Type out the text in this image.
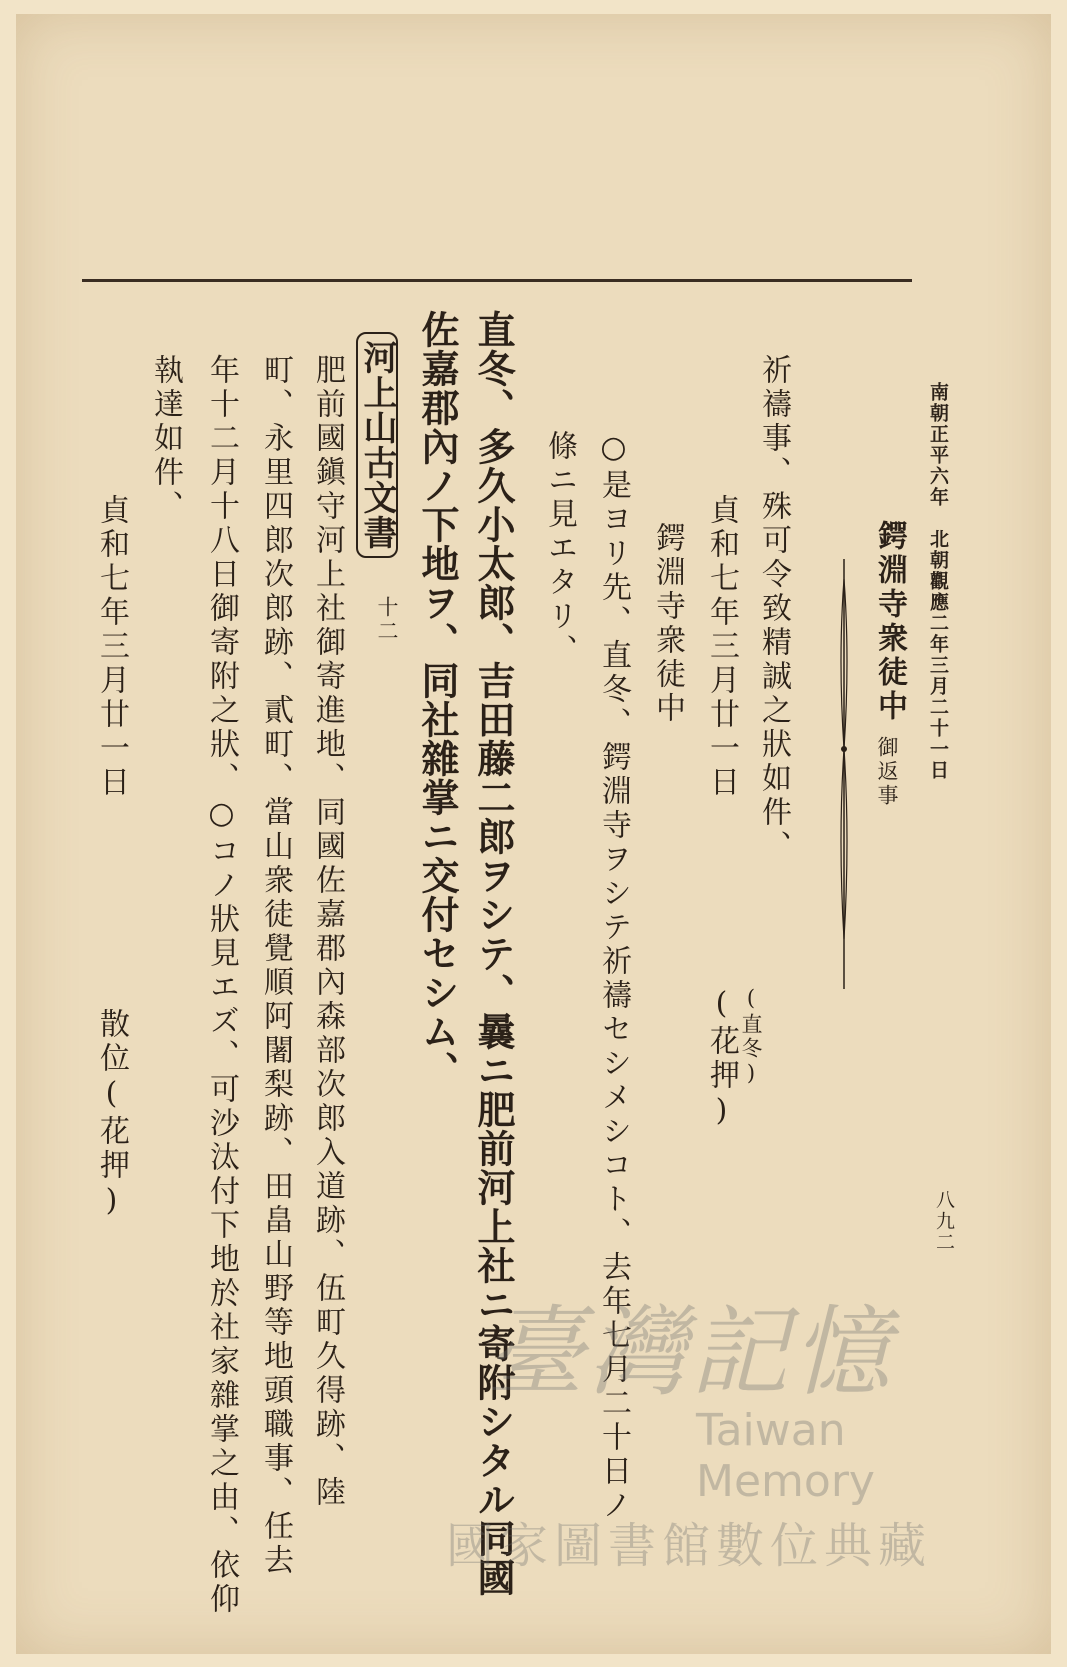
南朝正平六年　北朝觀應二年三月二十一日
八九二
鍔淵寺衆徒中
御返事
祈禱事、殊可令致精誠之狀如件、
貞和七年三月廿一日
(直冬)
(花押)
鍔淵寺衆徒中
○是ヨリ先、直冬、鍔淵寺ヲシテ祈禱セシメシコト、去年七月二十日ノ
條ニ見エタリ、
直冬、多久小太郎、吉田藤二郎ヲシテ、曩ニ肥前河上社ニ寄附シタル同國
佐嘉郡內ノ下地ヲ、同社雜掌ニ交付セシム、
河上山古文書
十二
肥前國鎭守河上社御寄進地、同國佐嘉郡內森部次郎入道跡、伍町久得跡、陸
町、永里四郎次郎跡、貳町、當山衆徒覺順阿闍梨跡、田畠山野等地頭職事、任去
年十二月十八日御寄附之狀、○コノ狀見エズ、可沙汰付下地於社家雜掌之由、依仰
執達如件、
貞和七年三月廿一日
散位(花押)
臺灣記憶
Taiwan Memory
國家圖書館數位典藏
